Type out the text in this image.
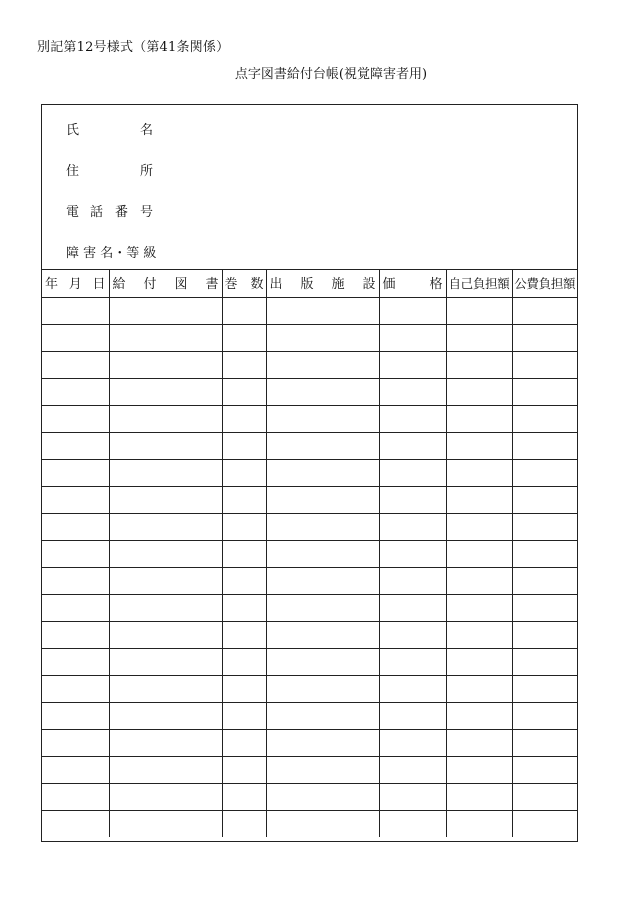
別記第12号様式（第41条関係）
点字図書給付台帳(視覚障害者用)
氏	名
住	所
電 話 番 号
障 害 名・等 級
年 月 日	給 付 図 書	巻 数	出 版 施 設	価 格	自己負担額	公費負担額
